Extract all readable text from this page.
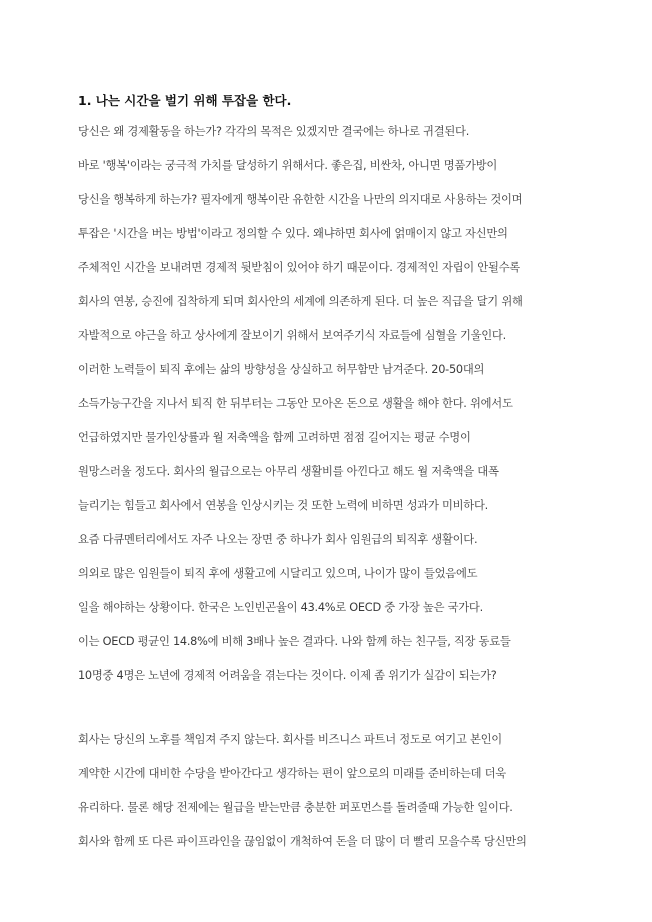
1. 나는 시간을 벌기 위해 투잡을 한다.
당신은 왜 경제활동을 하는가? 각각의 목적은 있겠지만 결국에는 하나로 귀결된다.
바로 '행복'이라는 궁극적 가치를 달성하기 위해서다. 좋은집, 비싼차, 아니면 명품가방이
당신을 행복하게 하는가? 필자에게 행복이란 유한한 시간을 나만의 의지대로 사용하는 것이며
투잡은 '시간을 버는 방법'이라고 정의할 수 있다. 왜냐하면 회사에 얽매이지 않고 자신만의
주체적인 시간을 보내려면 경제적 뒷받침이 있어야 하기 때문이다. 경제적인 자립이 안될수록
회사의 연봉, 승진에 집착하게 되며 회사안의 세계에 의존하게 된다. 더 높은 직급을 달기 위해
자발적으로 야근을 하고 상사에게 잘보이기 위해서 보여주기식 자료들에 심혈을 기울인다.
이러한 노력들이 퇴직 후에는 삶의 방향성을 상실하고 허무함만 남겨준다. 20-50대의
소득가능구간을 지나서 퇴직 한 뒤부터는 그동안 모아온 돈으로 생활을 해야 한다. 위에서도
언급하였지만 물가인상률과 월 저축액을 함께 고려하면 점점 길어지는 평균 수명이
원망스러울 정도다. 회사의 월급으로는 아무리 생활비를 아낀다고 해도 월 저축액을 대폭
늘리기는 힘들고 회사에서 연봉을 인상시키는 것 또한 노력에 비하면 성과가 미비하다.
요즘 다큐멘터리에서도 자주 나오는 장면 중 하나가 회사 임원급의 퇴직후 생활이다.
의외로 많은 임원들이 퇴직 후에 생활고에 시달리고 있으며, 나이가 많이 들었음에도
일을 해야하는 상황이다. 한국은 노인빈곤율이 43.4%로 OECD 중 가장 높은 국가다.
이는 OECD 평균인 14.8%에 비해 3배나 높은 결과다. 나와 함께 하는 친구들, 직장 동료들
10명중 4명은 노년에 경제적 어려움을 겪는다는 것이다. 이제 좀 위기가 실감이 되는가?
회사는 당신의 노후를 책임져 주지 않는다. 회사를 비즈니스 파트너 정도로 여기고 본인이
계약한 시간에 대비한 수당을 받아간다고 생각하는 편이 앞으로의 미래를 준비하는데 더욱
유리하다. 물론 해당 전제에는 월급을 받는만큼 충분한 퍼포먼스를 돌려줄때 가능한 일이다.
회사와 함께 또 다른 파이프라인을 끊임없이 개척하여 돈을 더 많이 더 빨리 모을수록 당신만의
